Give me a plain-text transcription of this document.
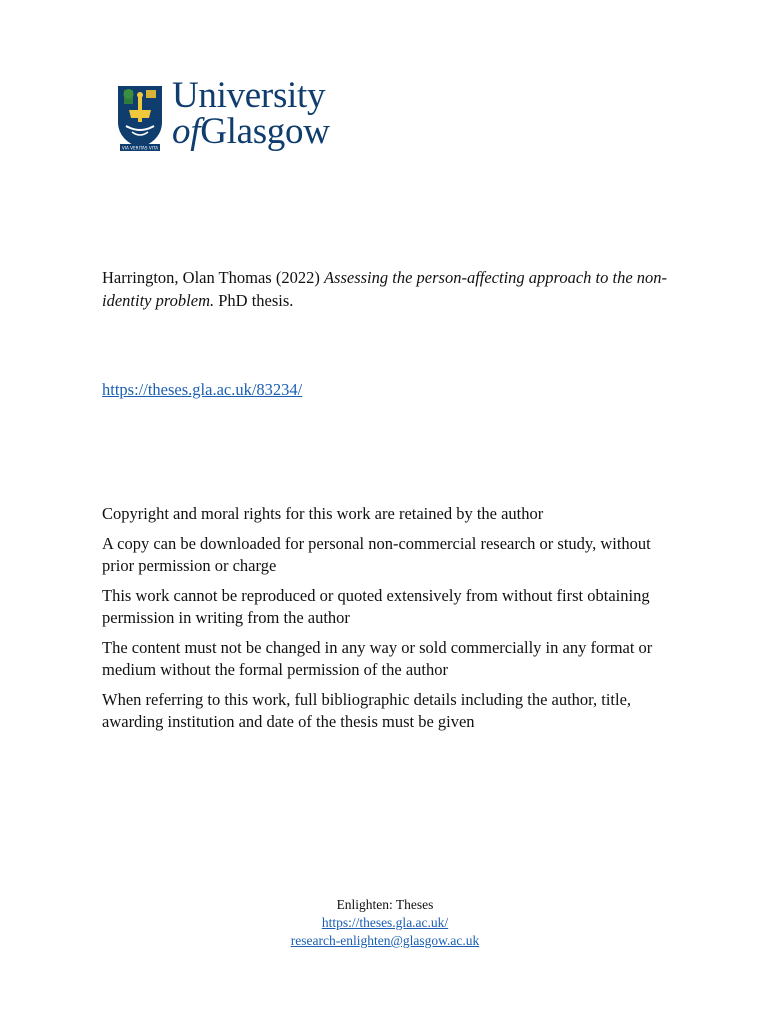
VIA VERITAS VITA
University
ofGlasgow
Harrington, Olan Thomas (2022) Assessing the person-affecting approach to the non-identity problem. PhD thesis.
https://theses.gla.ac.uk/83234/

Copyright and moral rights for this work are retained by the author

A copy can be downloaded for personal non-commercial research or study, without prior permission or charge

This work cannot be reproduced or quoted extensively from without first obtaining permission in writing from the author

The content must not be changed in any way or sold commercially in any format or medium without the formal permission of the author

When referring to this work, full bibliographic details including the author, title, awarding institution and date of the thesis must be given

Enlighten: Theses
https://theses.gla.ac.uk/
research-enlighten@glasgow.ac.uk
